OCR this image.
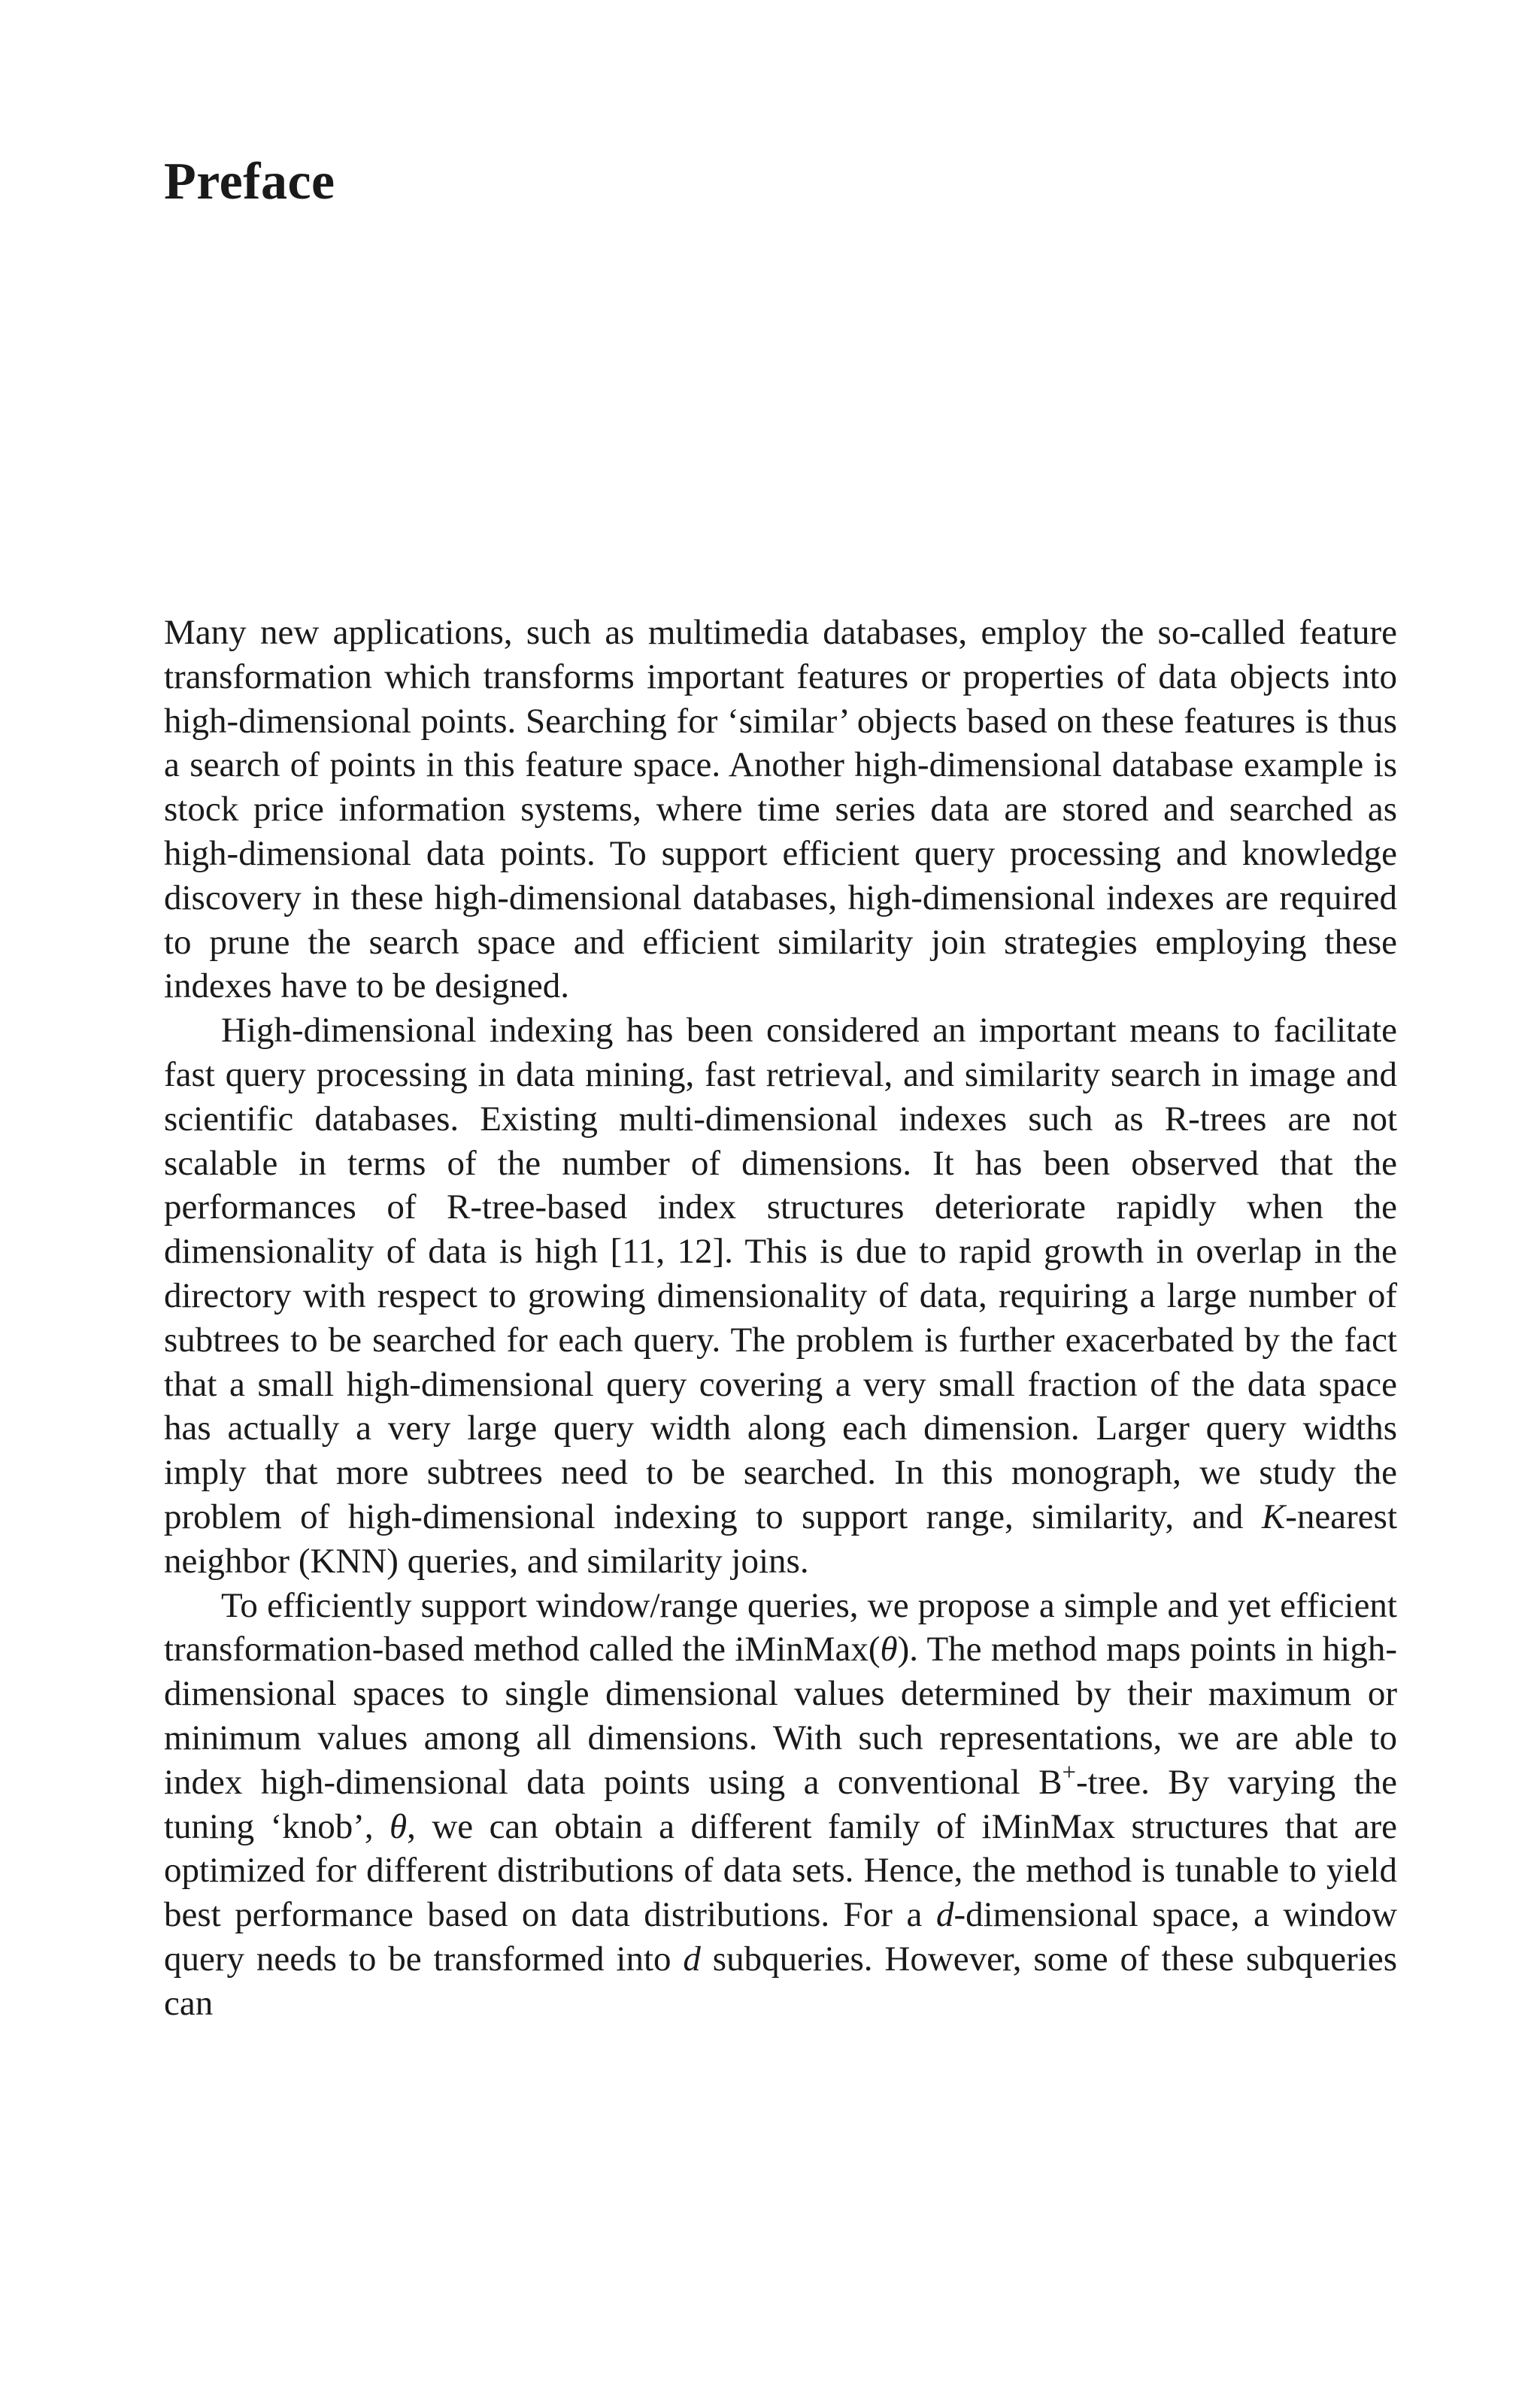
Preface

Many new applications, such as multimedia databases, employ the so-called feature transformation which transforms important features or properties of data objects into high-dimensional points. Searching for ‘similar’ objects based on these features is thus a search of points in this feature space. Another high-dimensional database example is stock price information systems, where time series data are stored and searched as high-dimensional data points. To support efficient query processing and knowledge discovery in these high-dimensional databases, high-dimensional indexes are required to prune the search space and efficient similarity join strategies employing these indexes have to be designed.

High-dimensional indexing has been considered an important means to facilitate fast query processing in data mining, fast retrieval, and similarity search in image and scientific databases. Existing multi-dimensional indexes such as R-trees are not scalable in terms of the number of dimensions. It has been observed that the performances of R-tree-based index structures deteriorate rapidly when the dimensionality of data is high [11, 12]. This is due to rapid growth in overlap in the directory with respect to growing dimensionality of data, requiring a large number of subtrees to be searched for each query. The problem is further exacerbated by the fact that a small high-dimensional query covering a very small fraction of the data space has actually a very large query width along each dimension. Larger query widths imply that more subtrees need to be searched. In this monograph, we study the problem of high-dimensional indexing to support range, similarity, and K-nearest neighbor (KNN) queries, and similarity joins.

To efficiently support window/range queries, we propose a simple and yet efficient transformation-based method called the iMinMax(θ). The method maps points in high-dimensional spaces to single dimensional values determined by their maximum or minimum values among all dimensions. With such representations, we are able to index high-dimensional data points using a conventional B+-tree. By varying the tuning ‘knob’, θ, we can obtain a different family of iMinMax structures that are optimized for different distributions of data sets. Hence, the method is tunable to yield best performance based on data distributions. For a d-dimensional space, a window query needs to be transformed into d subqueries. However, some of these subqueries can
